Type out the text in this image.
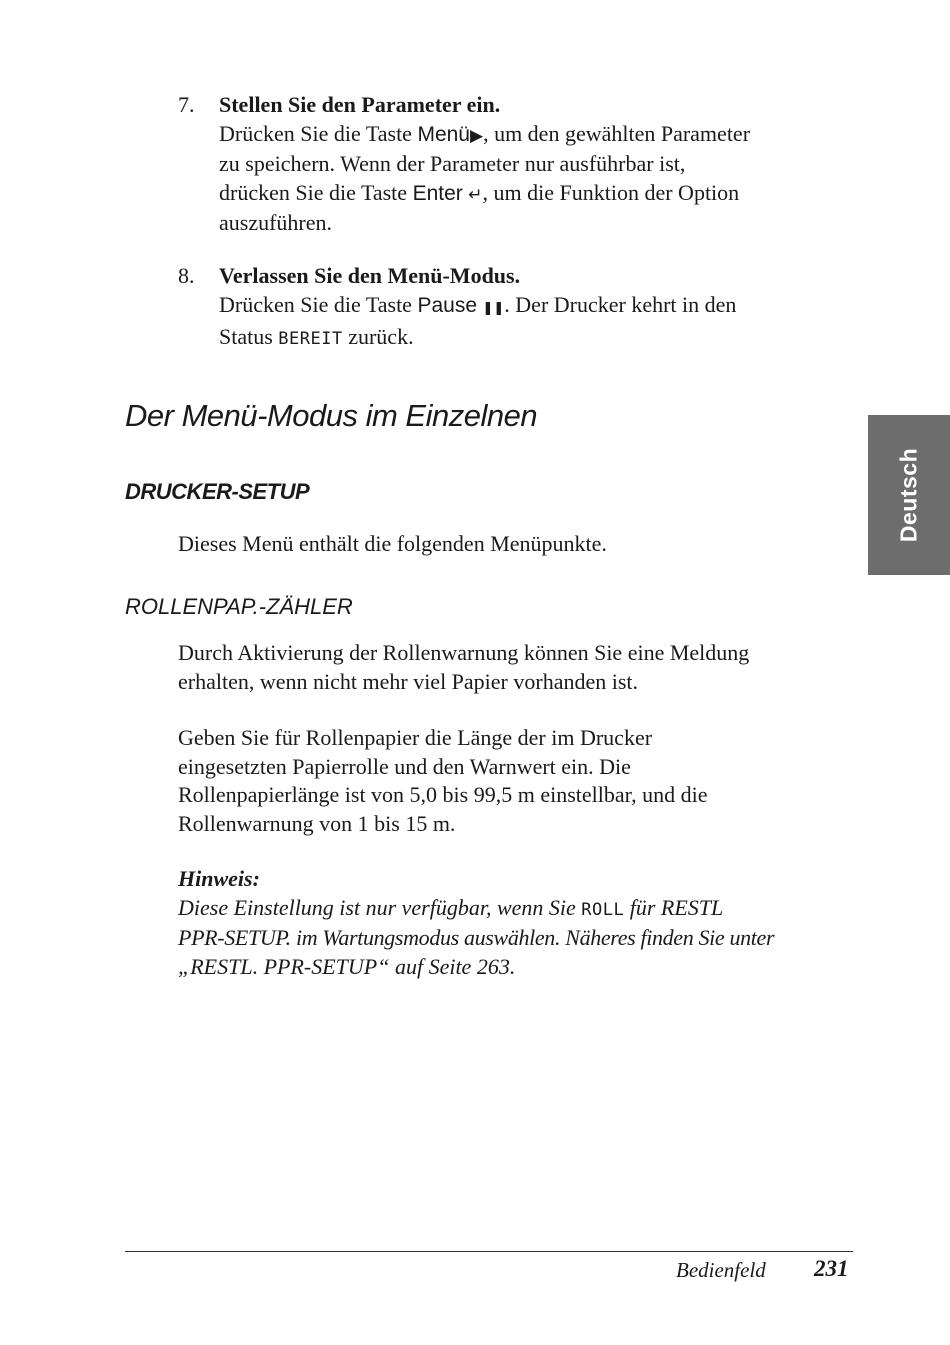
7. Stellen Sie den Parameter ein.
Drücken Sie die Taste Menü▶, um den gewählten Parameter
zu speichern. Wenn der Parameter nur ausführbar ist,
drücken Sie die Taste Enter ↵, um die Funktion der Option
auszuführen.
8. Verlassen Sie den Menü-Modus.
Drücken Sie die Taste Pause ❚❚. Der Drucker kehrt in den
Status BEREIT zurück.
Der Menü-Modus im Einzelnen
DRUCKER-SETUP
Dieses Menü enthält die folgenden Menüpunkte.
ROLLENPAP.-ZÄHLER
Durch Aktivierung der Rollenwarnung können Sie eine Meldung
erhalten, wenn nicht mehr viel Papier vorhanden ist.
Geben Sie für Rollenpapier die Länge der im Drucker
eingesetzten Papierrolle und den Warnwert ein. Die
Rollenpapierlänge ist von 5,0 bis 99,5 m einstellbar, und die
Rollenwarnung von 1 bis 15 m.
Hinweis:
Diese Einstellung ist nur verfügbar, wenn Sie ROLL für RESTL
PPR-SETUP. im Wartungsmodus auswählen. Näheres finden Sie unter
„RESTL. PPR-SETUP“ auf Seite 263.
Deutsch
Bedienfeld 231
